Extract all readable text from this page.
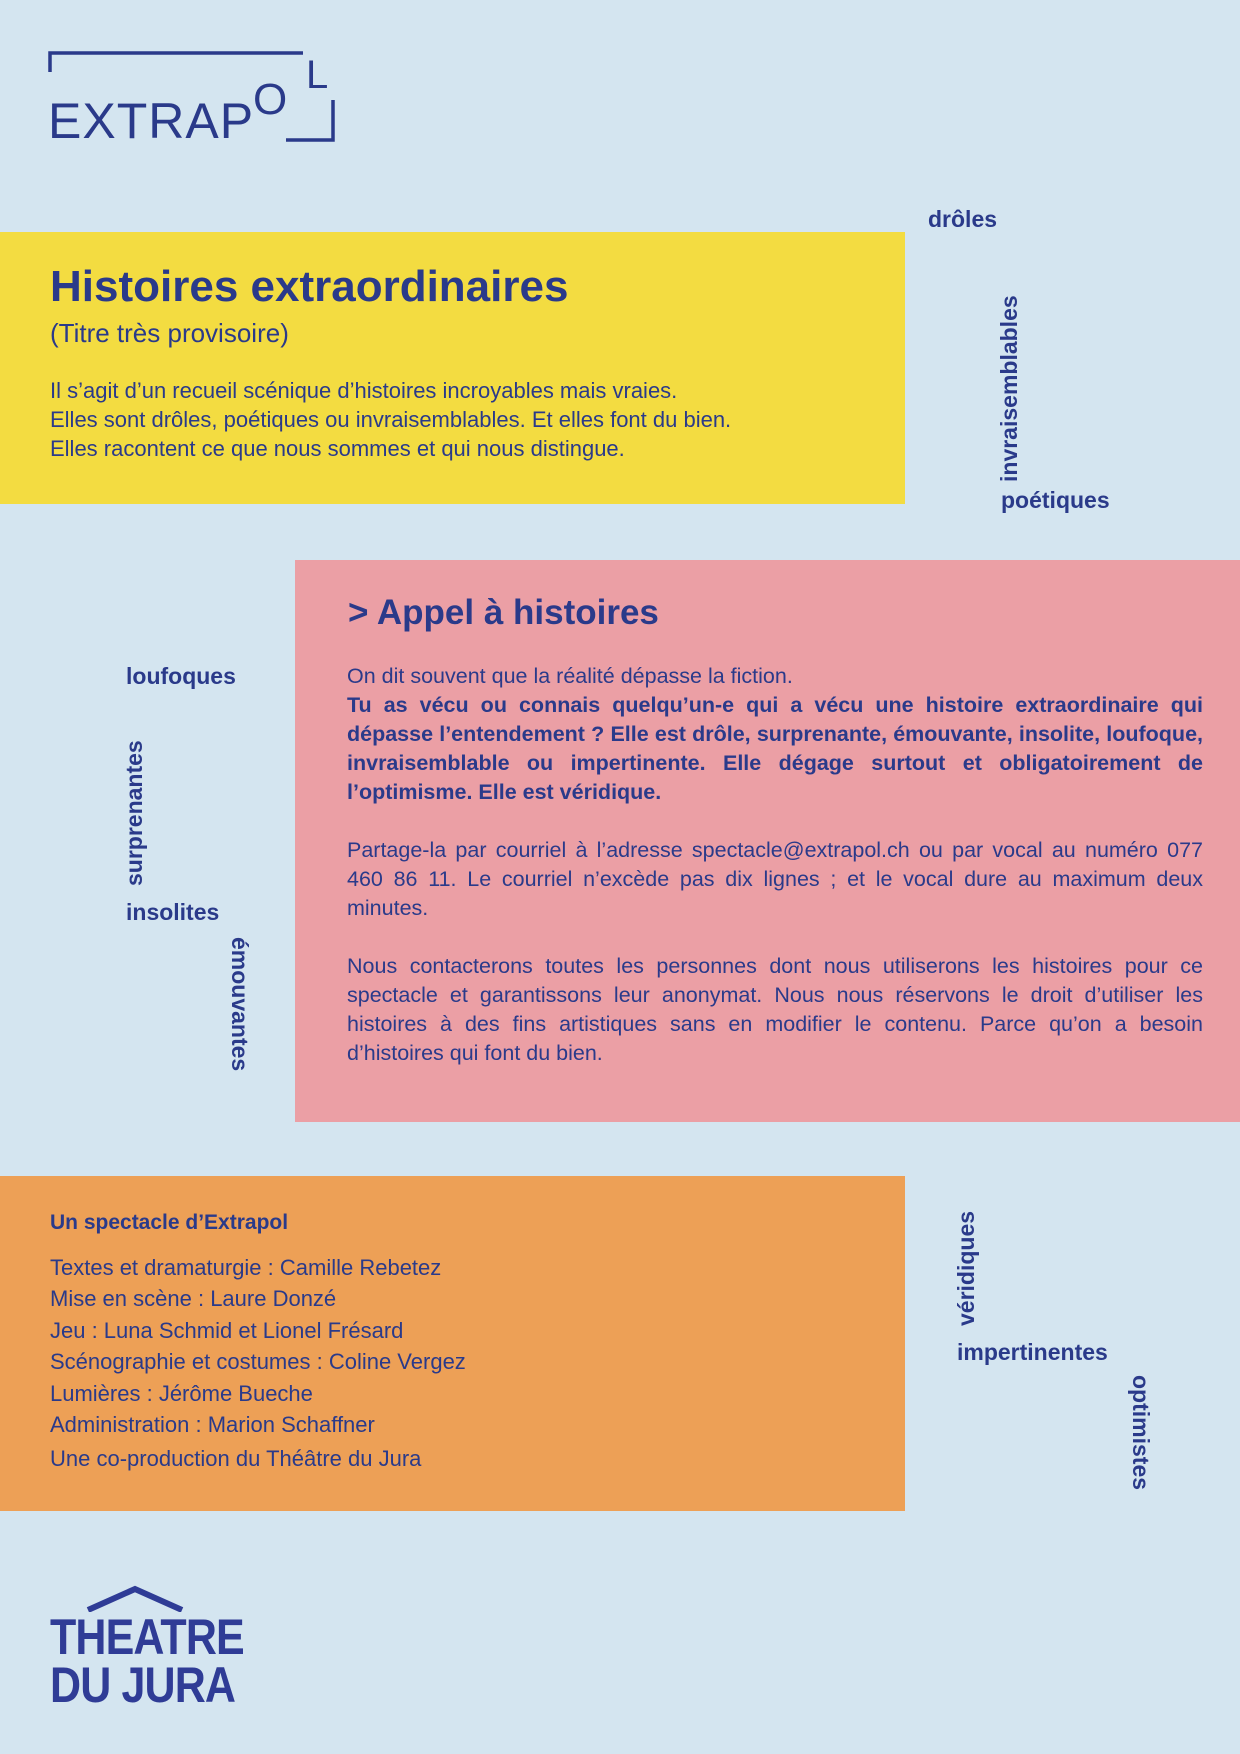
EXTRAP
O L
Histoires extraordinaires
(Titre très provisoire)
Il s’agit d’un recueil scénique d’histoires incroyables mais vraies.
Elles sont drôles, poétiques ou invraisemblables. Et elles font du bien.
Elles racontent ce que nous sommes et qui nous distingue.
> Appel à histoires

On dit souvent que la réalité dépasse la fiction.
Tu as vécu ou connais quelqu’un-e qui a vécu une histoire extraordinaire qui dépasse l’entendement ? Elle est drôle, surprenante, émouvante, insolite, loufoque, invraisemblable ou impertinente. Elle dégage surtout et obligatoirement de l’optimisme. Elle est véridique.

Partage-la par courriel à l’adresse spectacle@extrapol.ch ou par vocal au numéro 077 460 86 11. Le courriel n’excède pas dix lignes ; et le vocal dure au maximum deux minutes.

Nous contacterons toutes les personnes dont nous utiliserons les histoires pour ce spectacle et garantissons leur anonymat. Nous nous réservons le droit d’utiliser les histoires à des fins artistiques sans en modifier le contenu. Parce qu’on a besoin d’histoires qui font du bien.

Un spectacle d’Extrapol
Textes et dramaturgie : Camille Rebetez
Mise en scène : Laure Donzé
Jeu : Luna Schmid et Lionel Frésard
Scénographie et costumes : Coline Vergez
Lumières : Jérôme Bueche
Administration : Marion Schaffner
Une co-production du Théâtre du Jura
drôles
invraisemblables
poétiques
loufoques
surprenantes
insolites
émouvantes
véridiques
impertinentes
optimistes
THEATRE
DU JURA
